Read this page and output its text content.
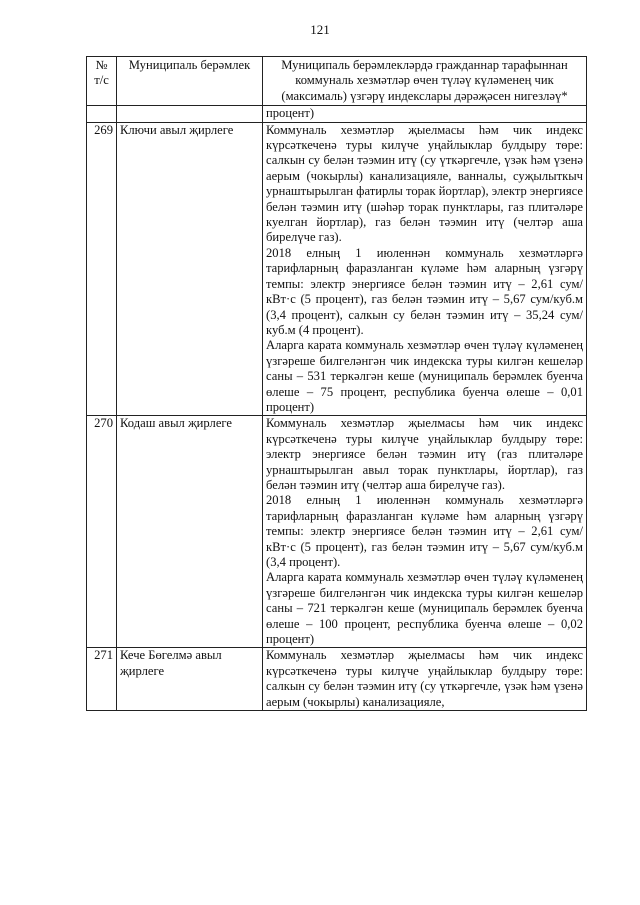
121
№ т/с	Муниципаль берәмлек	Муниципаль берәмлекләрдә гражданнар тарафыннан коммуналь хезмәтләр өчен түләү күләменең чик (максималь) үзгәрү индекслары дәрәҗәсен нигезләү*
		процент)
269	Ключи авыл җирлеге	Коммуналь хезмәтләр җыелмасы һәм чик индекс күрсәткеченә туры килүче уңайлыклар булдыру төре: салкын су белән тәэмин итү (су үткәргечле, үзәк һәм үзенә аерым (чокырлы) канализацияле, ванналы, суҗылыткыч урнаштырылган фатирлы торак йортлар), электр энергиясе белән тәэмин итү (шәһәр торак пунктлары, газ плитәләре куелган йортлар), газ белән тәэмин итү (челтәр аша бирелүче газ).
2018 елның 1 июленнән коммуналь хезмәтләргә тарифларның фаразланган күләме һәм аларның үзгәрү темпы: электр энергиясе белән тәэмин итү – 2,61 сум/кВт·с (5 процент), газ белән тәэмин итү – 5,67 сум/куб.м (3,4 процент), салкын су белән тәэмин итү – 35,24 сум/куб.м (4 процент).
Аларга карата коммуналь хезмәтләр өчен түләү күләменең үзгәреше билгеләнгән чик индекска туры килгән кешеләр саны – 531 теркәлгән кеше (муниципаль берәмлек буенча өлеше – 75 процент, республика буенча өлеше – 0,01 процент)

270	Кодаш авыл җирлеге	Коммуналь хезмәтләр җыелмасы һәм чик индекс күрсәткеченә туры килүче уңайлыклар булдыру төре: электр энергиясе белән тәэмин итү (газ плитәләре урнаштырылган авыл торак пунктлары, йортлар), газ белән тәэмин итү (челтәр аша бирелүче газ).
2018 елның 1 июленнән коммуналь хезмәтләргә тарифларның фаразланган күләме һәм аларның үзгәрү темпы: электр энергиясе белән тәэмин итү – 2,61 сум/кВт·с (5 процент), газ белән тәэмин итү – 5,67 сум/куб.м (3,4 процент).
Аларга карата коммуналь хезмәтләр өчен түләү күләменең үзгәреше билгеләнгән чик индекска туры килгән кешеләр саны – 721 теркәлгән кеше (муниципаль берәмлек буенча өлеше – 100 процент, республика буенча өлеше – 0,02 процент)

271	Кече Бөгелмә авыл җирлеге	Коммуналь хезмәтләр җыелмасы һәм чик индекс күрсәткеченә туры килүче уңайлыклар булдыру төре: салкын су белән тәэмин итү (су үткәргечле, үзәк һәм үзенә аерым (чокырлы) канализацияле,
